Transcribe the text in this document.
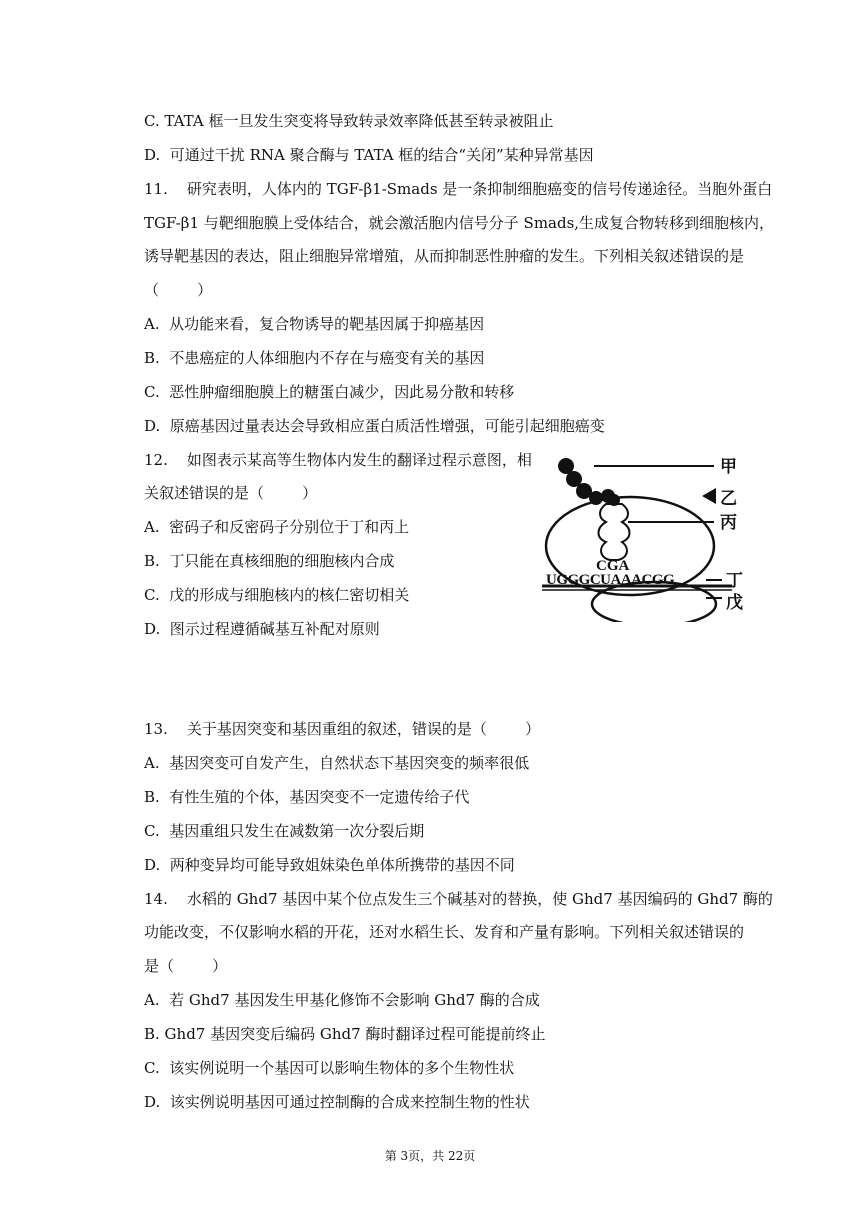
C. TATA 框一旦发生突变将导致转录效率降低甚至转录被阻止
D.  可通过干扰 RNA 聚合酶与 TATA 框的结合“关闭”某种异常基因
11.    研究表明，人体内的 TGF-β1-Smads 是一条抑制细胞癌变的信号传递途径。当胞外蛋白
TGF-β1 与靶细胞膜上受体结合，就会激活胞内信号分子 Smads,生成复合物转移到细胞核内，
诱导靶基因的表达，阻止细胞异常增殖，从而抑制恶性肿瘤的发生。下列相关叙述错误的是
（        ）
A.  从功能来看，复合物诱导的靶基因属于抑癌基因
B.  不患癌症的人体细胞内不存在与癌变有关的基因
C.  恶性肿瘤细胞膜上的糖蛋白减少，因此易分散和转移
D.  原癌基因过量表达会导致相应蛋白质活性增强，可能引起细胞癌变
12.    如图表示某高等生物体内发生的翻译过程示意图，相
关叙述错误的是（        ）
A.  密码子和反密码子分别位于丁和丙上
B.  丁只能在真核细胞的细胞核内合成
C.  戊的形成与细胞核内的核仁密切相关
D.  图示过程遵循碱基互补配对原则
CGA
UGGGCUAAACGG
甲
乙
丙
丁
戊
13.    关于基因突变和基因重组的叙述，错误的是（        ）
A.  基因突变可自发产生，自然状态下基因突变的频率很低
B.  有性生殖的个体，基因突变不一定遗传给子代
C.  基因重组只发生在减数第一次分裂后期
D.  两种变异均可能导致姐妹染色单体所携带的基因不同
14.    水稻的 Ghd7 基因中某个位点发生三个碱基对的替换，使 Ghd7 基因编码的 Ghd7 酶的
功能改变，不仅影响水稻的开花，还对水稻生长、发育和产量有影响。下列相关叙述错误的
是（        ）
A.  若 Ghd7 基因发生甲基化修饰不会影响 Ghd7 酶的合成
B. Ghd7 基因突变后编码 Ghd7 酶时翻译过程可能提前终止
C.  该实例说明一个基因可以影响生物体的多个生物性状
D.  该实例说明基因可通过控制酶的合成来控制生物的性状
第 3页，共 22页
